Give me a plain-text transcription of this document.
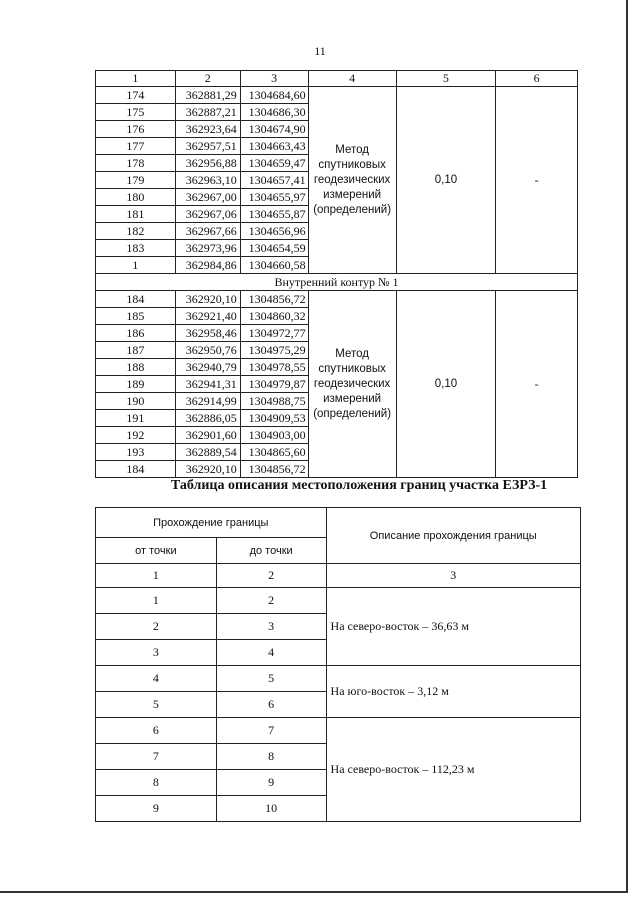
11
1	2	3	4	5	6
174	362881,29	1304684,60	Метод
спутниковых
геодезических
измерений
(определений)	0,10	-
175	362887,21	1304686,30			
176	362923,64	1304674,90			
177	362957,51	1304663,43			
178	362956,88	1304659,47			
179	362963,10	1304657,41			
180	362967,00	1304655,97			
181	362967,06	1304655,87			
182	362967,66	1304656,96			
183	362973,96	1304654,59			
1	362984,86	1304660,58			
Внутренний контур № 1					
184	362920,10	1304856,72	Метод
спутниковых
геодезических
измерений
(определений)	0,10	-
185	362921,40	1304860,32			
186	362958,46	1304972,77			
187	362950,76	1304975,29			
188	362940,79	1304978,55			
189	362941,31	1304979,87			
190	362914,99	1304988,75			
191	362886,05	1304909,53			
192	362901,60	1304903,00			
193	362889,54	1304865,60			
184	362920,10	1304856,72			
Таблица описания местоположения границ участка ЕЗРЗ-1
Прохождение границы		Описание прохождения границы
от точки	до точки	
1	2	3
1	2	На северо-восток – 36,63 м
2	3	
3	4	
4	5	На юго-восток – 3,12 м
5	6	
6	7	На северо-восток – 112,23 м
7	8	
8	9	
9	10	
